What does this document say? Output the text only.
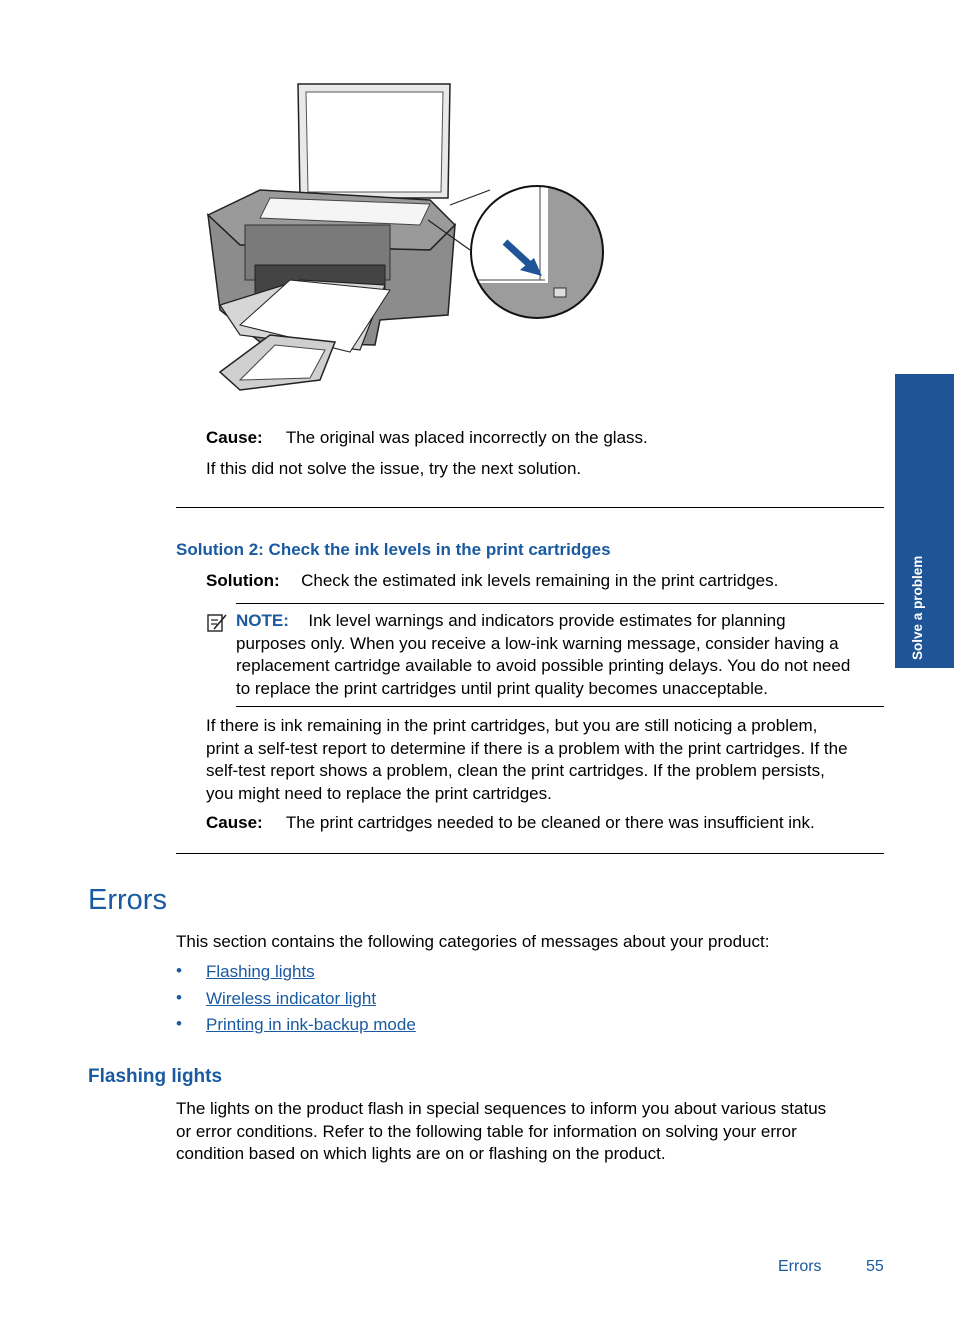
Solve a problem
Cause: The original was placed incorrectly on the glass.
If this did not solve the issue, try the next solution.
Solution 2: Check the ink levels in the print cartridges
Solution: Check the estimated ink levels remaining in the print cartridges.
NOTE: Ink level warnings and indicators provide estimates for planning
purposes only. When you receive a low-ink warning message, consider having a
replacement cartridge available to avoid possible printing delays. You do not need
to replace the print cartridges until print quality becomes unacceptable.
If there is ink remaining in the print cartridges, but you are still noticing a problem,
print a self-test report to determine if there is a problem with the print cartridges. If the
self-test report shows a problem, clean the print cartridges. If the problem persists,
you might need to replace the print cartridges.
Cause: The print cartridges needed to be cleaned or there was insufficient ink.
Errors
This section contains the following categories of messages about your product:
• Flashing lights
• Wireless indicator light
• Printing in ink-backup mode
Flashing lights
The lights on the product flash in special sequences to inform you about various status
or error conditions. Refer to the following table for information on solving your error
condition based on which lights are on or flashing on the product.
Errors	55
